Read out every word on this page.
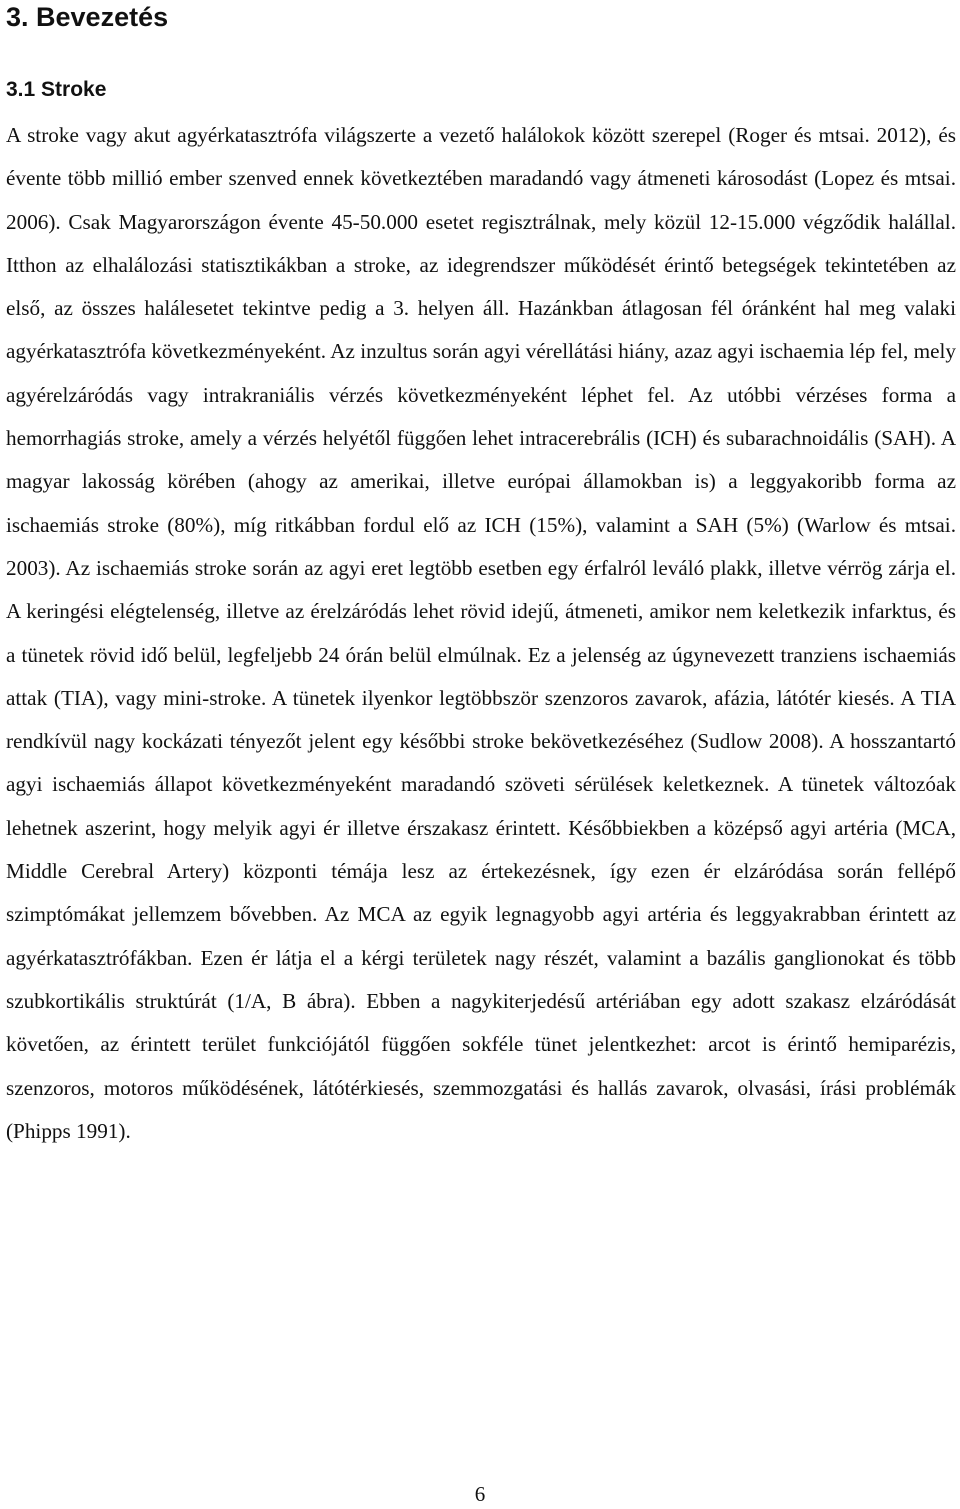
3. Bevezetés
3.1 Stroke

A stroke vagy akut agyérkatasztrófa világszerte a vezető halálokok között szerepel (Roger és mtsai. 2012), és évente több millió ember szenved ennek következtében maradandó vagy átmeneti károsodást (Lopez és mtsai. 2006). Csak Magyarországon évente 45-50.000 esetet regisztrálnak, mely közül 12-15.000 végződik halállal. Itthon az elhalálozási statisztikákban a stroke, az idegrendszer működését érintő betegségek tekintetében az első, az összes halálesetet tekintve pedig a 3. helyen áll. Hazánkban átlagosan fél óránként hal meg valaki agyérkatasztrófa következményeként. Az inzultus során agyi vérellátási hiány, azaz agyi ischaemia lép fel, mely agyérelzáródás vagy intrakraniális vérzés következményeként léphet fel. Az utóbbi vérzéses forma a hemorrhagiás stroke, amely a vérzés helyétől függően lehet intracerebrális (ICH) és subarachnoidális (SAH). A magyar lakosság körében (ahogy az amerikai, illetve európai államokban is) a leggyakoribb forma az ischaemiás stroke (80%), míg ritkábban fordul elő az ICH (15%), valamint a SAH (5%) (Warlow és mtsai. 2003). Az ischaemiás stroke során az agyi eret legtöbb esetben egy érfalról leváló plakk, illetve vérrög zárja el. A keringési elégtelenség, illetve az érelzáródás lehet rövid idejű, átmeneti, amikor nem keletkezik infarktus, és a tünetek rövid idő belül, legfeljebb 24 órán belül elmúlnak. Ez a jelenség az úgynevezett tranziens ischaemiás attak (TIA), vagy mini-stroke. A tünetek ilyenkor legtöbbször szenzoros zavarok, afázia, látótér kiesés. A TIA rendkívül nagy kockázati tényezőt jelent egy későbbi stroke bekövetkezéséhez (Sudlow 2008). A hosszantartó agyi ischaemiás állapot következményeként maradandó szöveti sérülések keletkeznek. A tünetek változóak lehetnek aszerint, hogy melyik agyi ér illetve érszakasz érintett. Későbbiekben a középső agyi artéria (MCA, Middle Cerebral Artery) központi témája lesz az értekezésnek, így ezen ér elzáródása során fellépő szimptómákat jellemzem bővebben. Az MCA az egyik legnagyobb agyi artéria és leggyakrabban érintett az agyérkatasztrófákban. Ezen ér látja el a kérgi területek nagy részét, valamint a bazális ganglionokat és több szubkortikális struktúrát (1/A, B ábra). Ebben a nagykiterjedésű artériában egy adott szakasz elzáródását követően, az érintett terület funkciójától függően sokféle tünet jelentkezhet: arcot is érintő hemiparézis, szenzoros, motoros működésének, látótérkiesés, szemmozgatási és hallás zavarok, olvasási, írási problémák (Phipps 1991).

6
